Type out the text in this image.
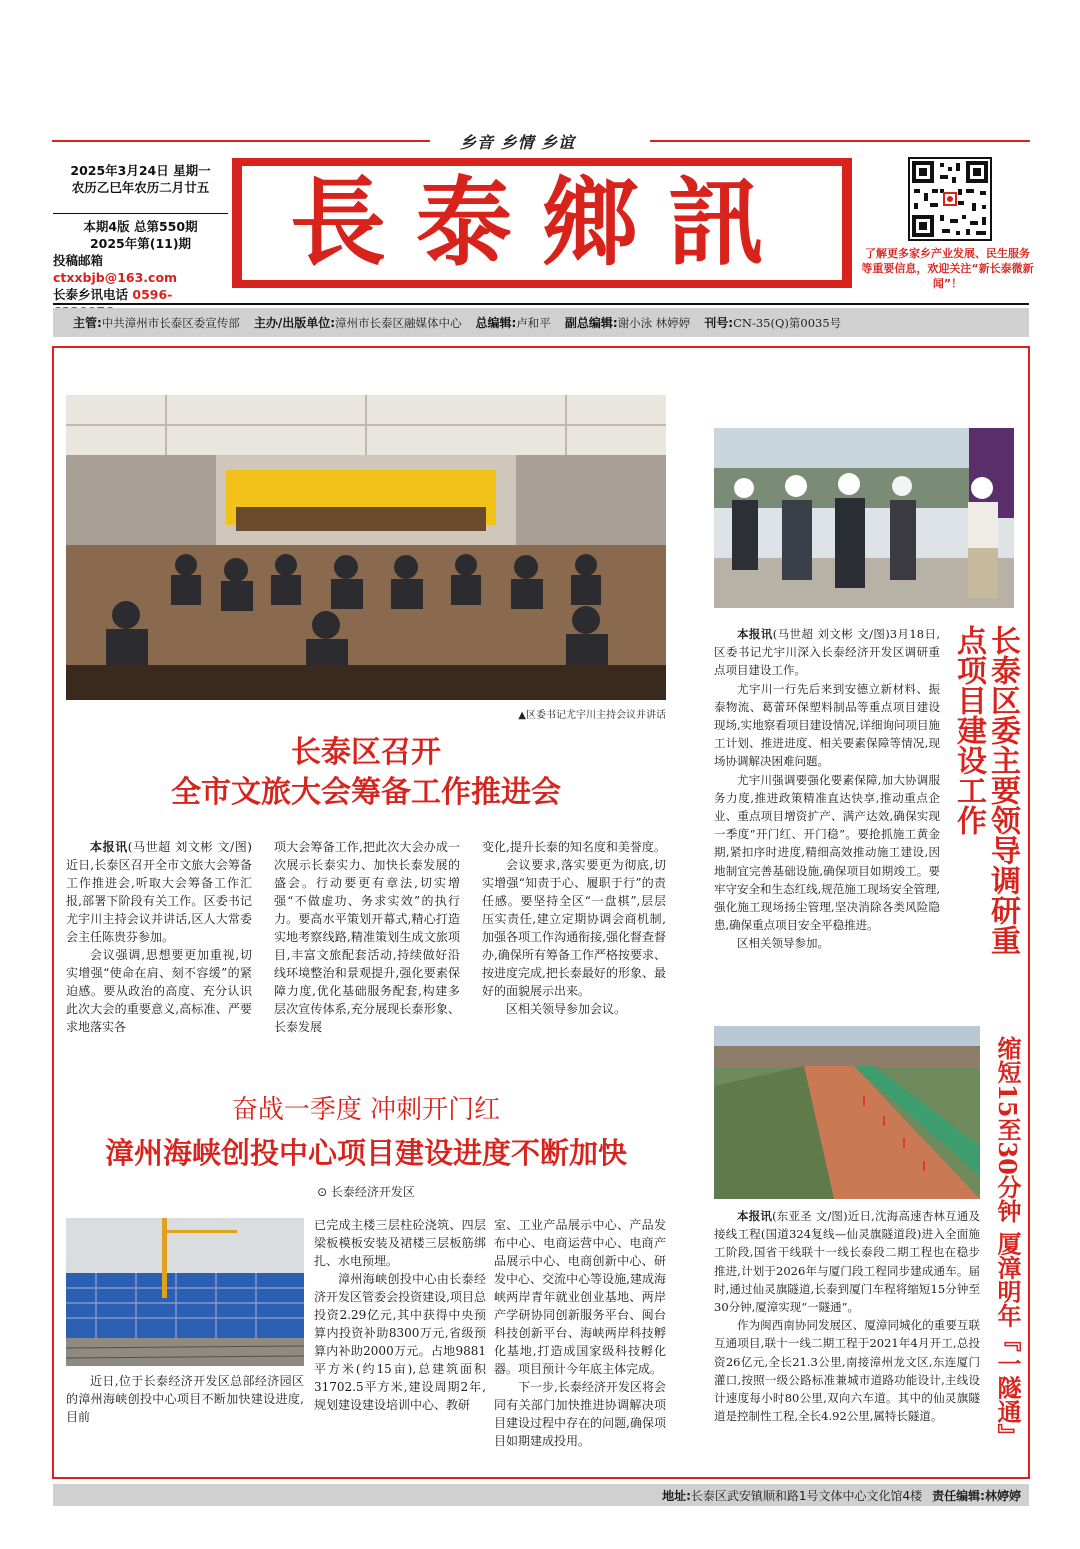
乡音 乡情 乡谊
2025年3月24日 星期一
农历乙巳年农历二月廿五
本期4版 总第550期
2025年第(11)期
投稿邮箱 ctxxbjb@163.com
长泰乡讯电话 0596-
長泰鄉訊	了解更多家乡产业发展、民生服务等重要信息，欢迎关注“新长泰微新闻”！
主管: 中共漳州市长泰区委宣传部 主办/出版单位: 漳州市长泰区融媒体中心 总编辑: 卢和平 副总编辑: 谢小泳 林婷婷 刊号: CN-35(Q)第0035号
▲区委书记尤宇川主持会议并讲话
长泰区召开
全市文旅大会筹备工作推进会

本报讯(马世超 刘文彬 文/图)近日,长泰区召开全市文旅大会筹备工作推进会,听取大会筹备工作汇报,部署下阶段有关工作。区委书记尤宇川主持会议并讲话,区人大常委会主任陈贵芬参加。

会议强调,思想要更加重视,切实增强“使命在肩、刻不容缓”的紧迫感。要从政治的高度、充分认识此次大会的重要意义,高标准、严要求地落实各

项大会筹备工作,把此次大会办成一次展示长泰实力、加快长泰发展的盛会。行动要更有章法,切实增强“不做虚功、务求实效”的执行力。要高水平策划开幕式,精心打造实地考察线路,精准策划生成文旅项目,丰富文旅配套活动,持续做好沿线环境整治和景观提升,强化要素保障力度,优化基础服务配套,构建多层次宣传体系,充分展现长泰形象、长泰发展

变化,提升长泰的知名度和美誉度。

会议要求,落实要更为彻底,切实增强“知责于心、履职于行”的责任感。要坚持全区“一盘棋”,层层压实责任,建立定期协调会商机制,加强各项工作沟通衔接,强化督查督办,确保所有筹备工作严格按要求、按进度完成,把长泰最好的形象、最好的面貌展示出来。

区相关领导参加会议。

本报讯(马世超 刘文彬 文/图)3月18日,区委书记尤宇川深入长泰经济开发区调研重点项目建设工作。

尤宇川一行先后来到安德立新材料、振泰物流、葛蕾环保塑料制品等重点项目建设现场,实地察看项目建设情况,详细询问项目施工计划、推进进度、相关要素保障等情况,现场协调解决困难问题。

尤宇川强调要强化要素保障,加大协调服务力度,推进政策精准直达快享,推动重点企业、重点项目增资扩产、满产达效,确保实现一季度“开门红、开门稳”。要抢抓施工黄金期,紧扣序时进度,精细高效推动施工建设,因地制宜完善基础设施,确保项目如期竣工。要牢守安全和生态红线,规范施工现场安全管理,强化施工现场扬尘管理,坚决消除各类风险隐患,确保重点项目安全平稳推进。

区相关领导参加。	长泰区委主要领导调研重点项目建设工作
奋战一季度 冲刺开门红
漳州海峡创投中心项目建设进度不断加快
⊙ 长泰经济开发区

近日,位于长泰经济开发区总部经济园区的漳州海峡创投中心项目不断加快建设进度,目前

已完成主楼三层柱砼浇筑、四层梁板模板安装及裙楼三层板筋绑扎、水电预埋。

漳州海峡创投中心由长泰经济开发区管委会投资建设,项目总投资2.29亿元,其中获得中央预算内投资补助8300万元,省级预算内补助2000万元。占地9881平方米(约15亩),总建筑面积31702.5平方米,建设周期2年,规划建设建设培训中心、教研

室、工业产品展示中心、产品发布中心、电商运营中心、电商产品展示中心、电商创新中心、研发中心、交流中心等设施,建成海峡两岸青年就业创业基地、两岸产学研协同创新服务平台、闽台科技创新平台、海峡两岸科技孵化基地,打造成国家级科技孵化器。项目预计今年底主体完成。

下一步,长泰经济开发区将会同有关部门加快推进协调解决项目建设过程中存在的问题,确保项目如期建成投用。

本报讯(东亚圣 文/图)近日,沈海高速杏林互通及接线工程(国道324复线—仙灵旗隧道段)进入全面施工阶段,国省干线联十一线长泰段二期工程也在稳步推进,计划于2026年与厦门段工程同步建成通车。届时,通过仙灵旗隧道,长泰到厦门车程将缩短15分钟至30分钟,厦漳实现“一隧通”。

作为闽西南协同发展区、厦漳同城化的重要互联互通项目,联十一线二期工程于2021年4月开工,总投资26亿元,全长21.3公里,南接漳州龙文区,东连厦门灌口,按照一级公路标准兼城市道路功能设计,主线设计速度每小时80公里,双向六车道。其中的仙灵旗隧道是控制性工程,全长4.92公里,属特长隧道。	缩短15至30分钟 厦漳明年『一隧通』
地址:长泰区武安镇顺和路1号文体中心文化馆4楼 责任编辑:林婷婷
